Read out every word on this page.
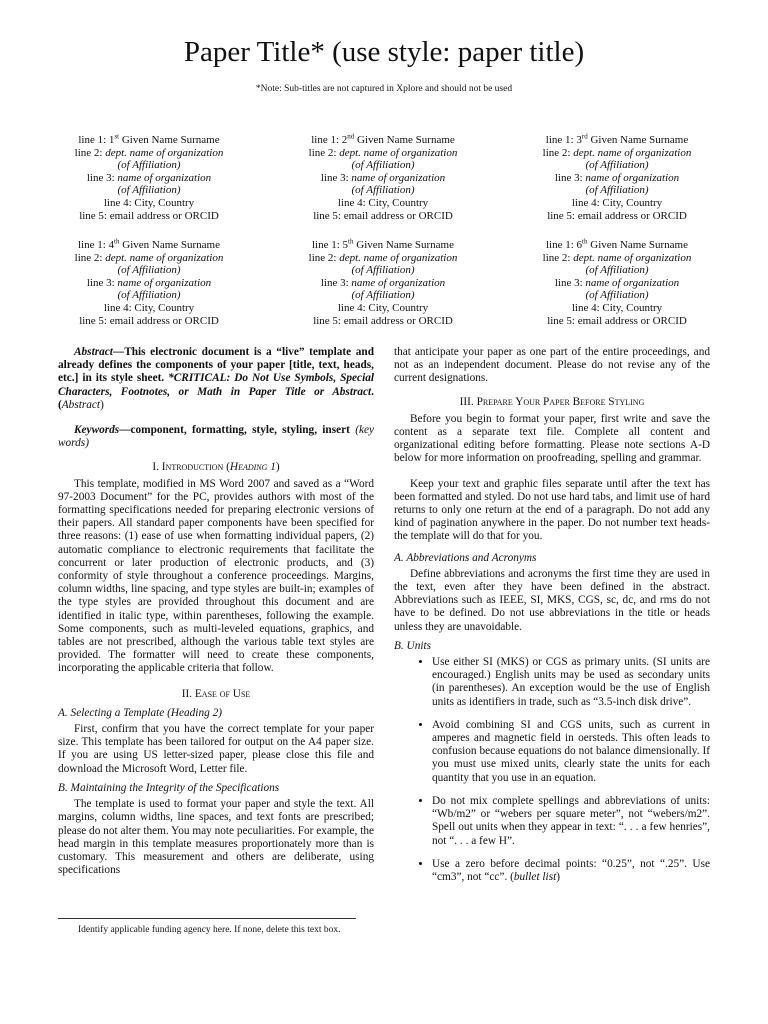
Paper Title* (use style: paper title)
*Note: Sub-titles are not captured in Xplore and should not be used
line 1: 1st Given Name Surname
line 2: dept. name of organization
(of Affiliation)
line 3: name of organization
(of Affiliation)
line 4: City, Country
line 5: email address or ORCID
line 1: 2nd Given Name Surname
line 2: dept. name of organization
(of Affiliation)
line 3: name of organization
(of Affiliation)
line 4: City, Country
line 5: email address or ORCID
line 1: 3rd Given Name Surname
line 2: dept. name of organization
(of Affiliation)
line 3: name of organization
(of Affiliation)
line 4: City, Country
line 5: email address or ORCID
line 1: 4th Given Name Surname
line 2: dept. name of organization
(of Affiliation)
line 3: name of organization
(of Affiliation)
line 4: City, Country
line 5: email address or ORCID
line 1: 5th Given Name Surname
line 2: dept. name of organization
(of Affiliation)
line 3: name of organization
(of Affiliation)
line 4: City, Country
line 5: email address or ORCID
line 1: 6th Given Name Surname
line 2: dept. name of organization
(of Affiliation)
line 3: name of organization
(of Affiliation)
line 4: City, Country
line 5: email address or ORCID

Abstract—This electronic document is a “live” template and already defines the components of your paper [title, text, heads, etc.] in its style sheet. *CRITICAL: Do Not Use Symbols, Special Characters, Footnotes, or Math in Paper Title or Abstract. (Abstract)

Keywords—component, formatting, style, styling, insert (key words)

I. Introduction (Heading 1)

This template, modified in MS Word 2007 and saved as a “Word 97-2003 Document” for the PC, provides authors with most of the formatting specifications needed for preparing electronic versions of their papers. All standard paper components have been specified for three reasons: (1) ease of use when formatting individual papers, (2) automatic compliance to electronic requirements that facilitate the concurrent or later production of electronic products, and (3) conformity of style throughout a conference proceedings. Margins, column widths, line spacing, and type styles are built-in; examples of the type styles are provided throughout this document and are identified in italic type, within parentheses, following the example. Some components, such as multi-leveled equations, graphics, and tables are not prescribed, although the various table text styles are provided. The formatter will need to create these components, incorporating the applicable criteria that follow.

II. Ease of Use

A. Selecting a Template (Heading 2)

First, confirm that you have the correct template for your paper size. This template has been tailored for output on the A4 paper size. If you are using US letter-sized paper, please close this file and download the Microsoft Word, Letter file.

B. Maintaining the Integrity of the Specifications

The template is used to format your paper and style the text. All margins, column widths, line spaces, and text fonts are prescribed; please do not alter them. You may note peculiarities. For example, the head margin in this template measures proportionately more than is customary. This measurement and others are deliberate, using specifications

that anticipate your paper as one part of the entire proceedings, and not as an independent document. Please do not revise any of the current designations.

III. Prepare Your Paper Before Styling

Before you begin to format your paper, first write and save the content as a separate text file. Complete all content and organizational editing before formatting. Please note sections A-D below for more information on proofreading, spelling and grammar.

Keep your text and graphic files separate until after the text has been formatted and styled. Do not use hard tabs, and limit use of hard returns to only one return at the end of a paragraph. Do not add any kind of pagination anywhere in the paper. Do not number text heads-the template will do that for you.

A. Abbreviations and Acronyms

Define abbreviations and acronyms the first time they are used in the text, even after they have been defined in the abstract. Abbreviations such as IEEE, SI, MKS, CGS, sc, dc, and rms do not have to be defined. Do not use abbreviations in the title or heads unless they are unavoidable.

B. Units

• Use either SI (MKS) or CGS as primary units. (SI units are encouraged.) English units may be used as secondary units (in parentheses). An exception would be the use of English units as identifiers in trade, such as “3.5-inch disk drive”.
• Avoid combining SI and CGS units, such as current in amperes and magnetic field in oersteds. This often leads to confusion because equations do not balance dimensionally. If you must use mixed units, clearly state the units for each quantity that you use in an equation.
• Do not mix complete spellings and abbreviations of units: “Wb/m2” or “webers per square meter”, not “webers/m2”. Spell out units when they appear in text: “. . . a few henries”, not “. . . a few H”.
• Use a zero before decimal points: “0.25”, not “.25”. Use “cm3”, not “cc”. (bullet list)
Identify applicable funding agency here. If none, delete this text box.
